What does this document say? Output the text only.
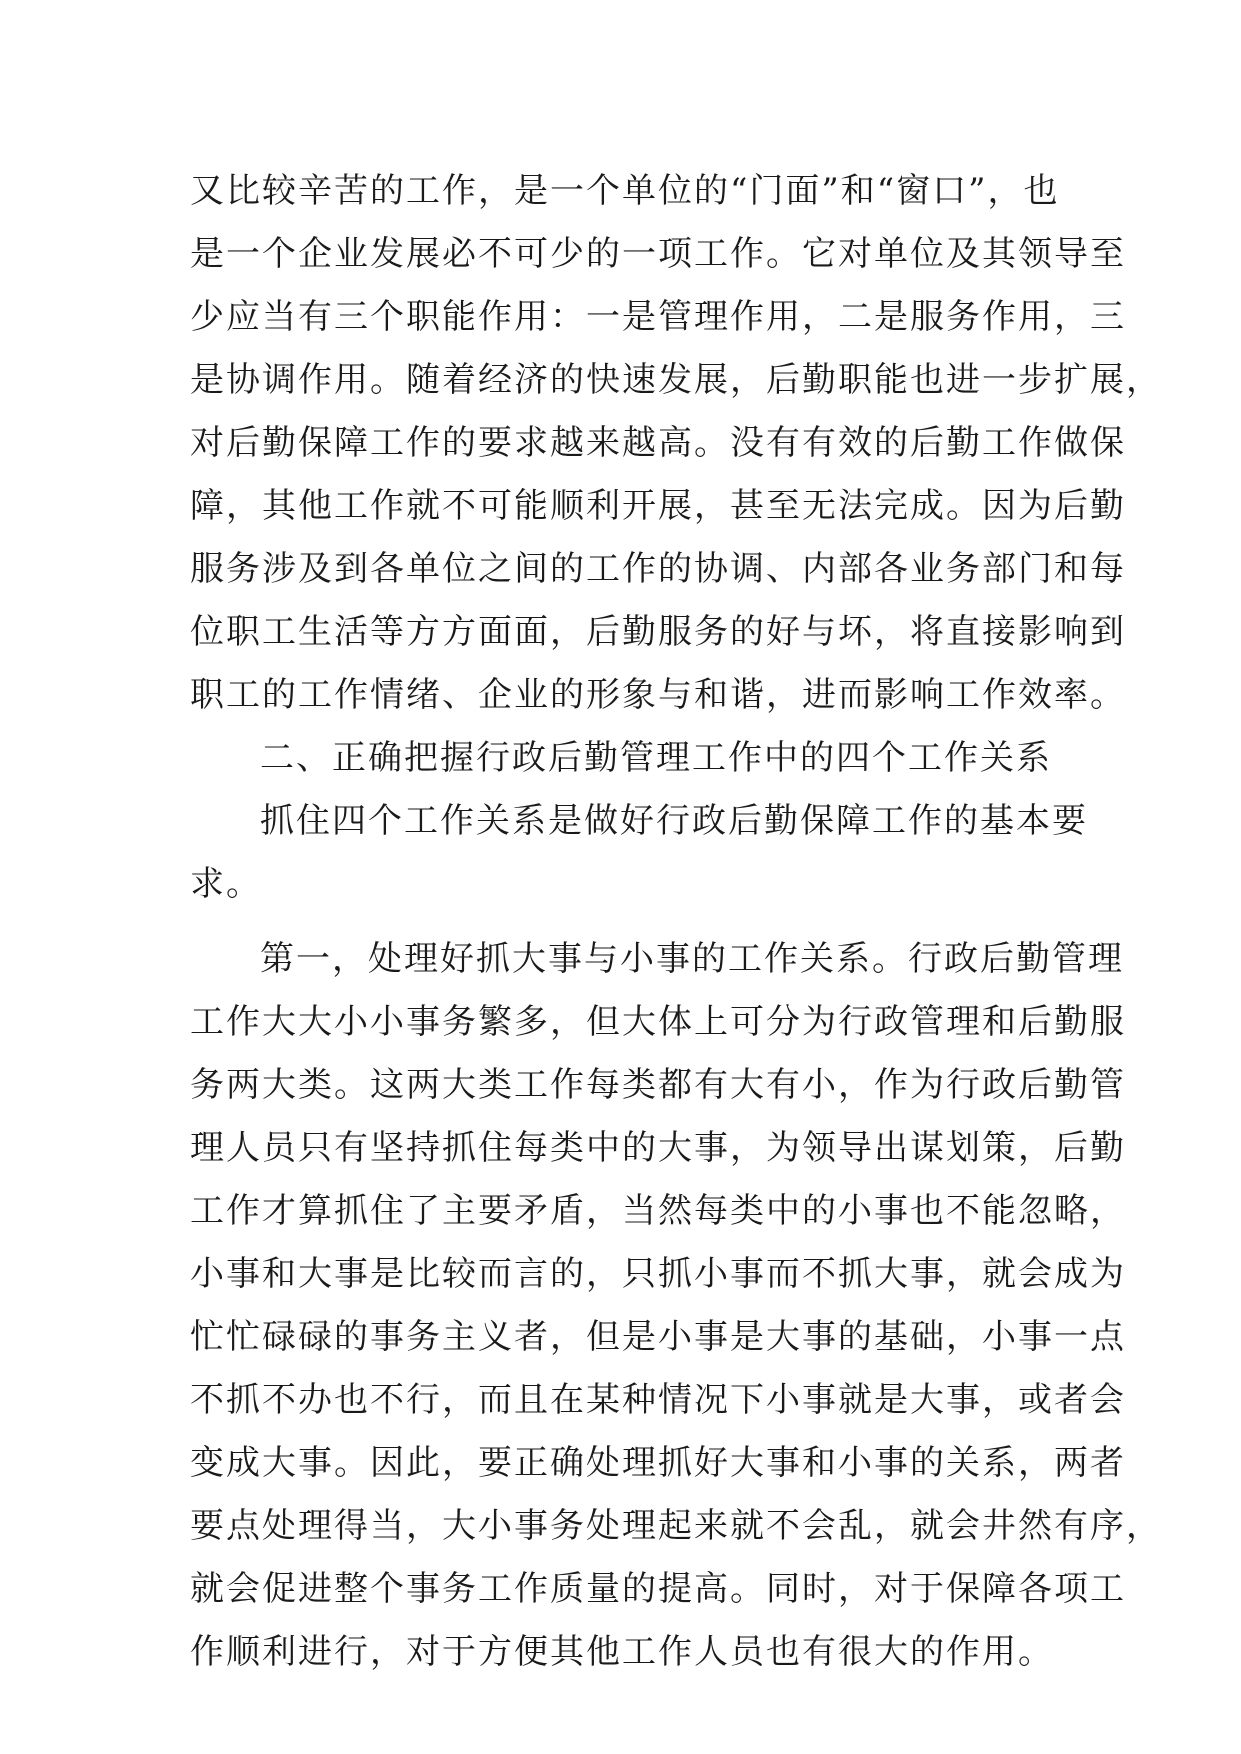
又比较辛苦的工作，是一个单位的“门面”和“窗口”，也
是一个企业发展必不可少的一项工作。它对单位及其领导至
少应当有三个职能作用：一是管理作用，二是服务作用，三
是协调作用。随着经济的快速发展，后勤职能也进一步扩展，
对后勤保障工作的要求越来越高。没有有效的后勤工作做保
障，其他工作就不可能顺利开展，甚至无法完成。因为后勤
服务涉及到各单位之间的工作的协调、内部各业务部门和每
位职工生活等方方面面，后勤服务的好与坏，将直接影响到
职工的工作情绪、企业的形象与和谐，进而影响工作效率。
二、正确把握行政后勤管理工作中的四个工作关系
抓住四个工作关系是做好行政后勤保障工作的基本要
求。
第一，处理好抓大事与小事的工作关系。行政后勤管理
工作大大小小事务繁多，但大体上可分为行政管理和后勤服
务两大类。这两大类工作每类都有大有小，作为行政后勤管
理人员只有坚持抓住每类中的大事，为领导出谋划策，后勤
工作才算抓住了主要矛盾，当然每类中的小事也不能忽略，
小事和大事是比较而言的，只抓小事而不抓大事，就会成为
忙忙碌碌的事务主义者，但是小事是大事的基础，小事一点
不抓不办也不行，而且在某种情况下小事就是大事，或者会
变成大事。因此，要正确处理抓好大事和小事的关系，两者
要点处理得当，大小事务处理起来就不会乱，就会井然有序，
就会促进整个事务工作质量的提高。同时，对于保障各项工
作顺利进行，对于方便其他工作人员也有很大的作用。
